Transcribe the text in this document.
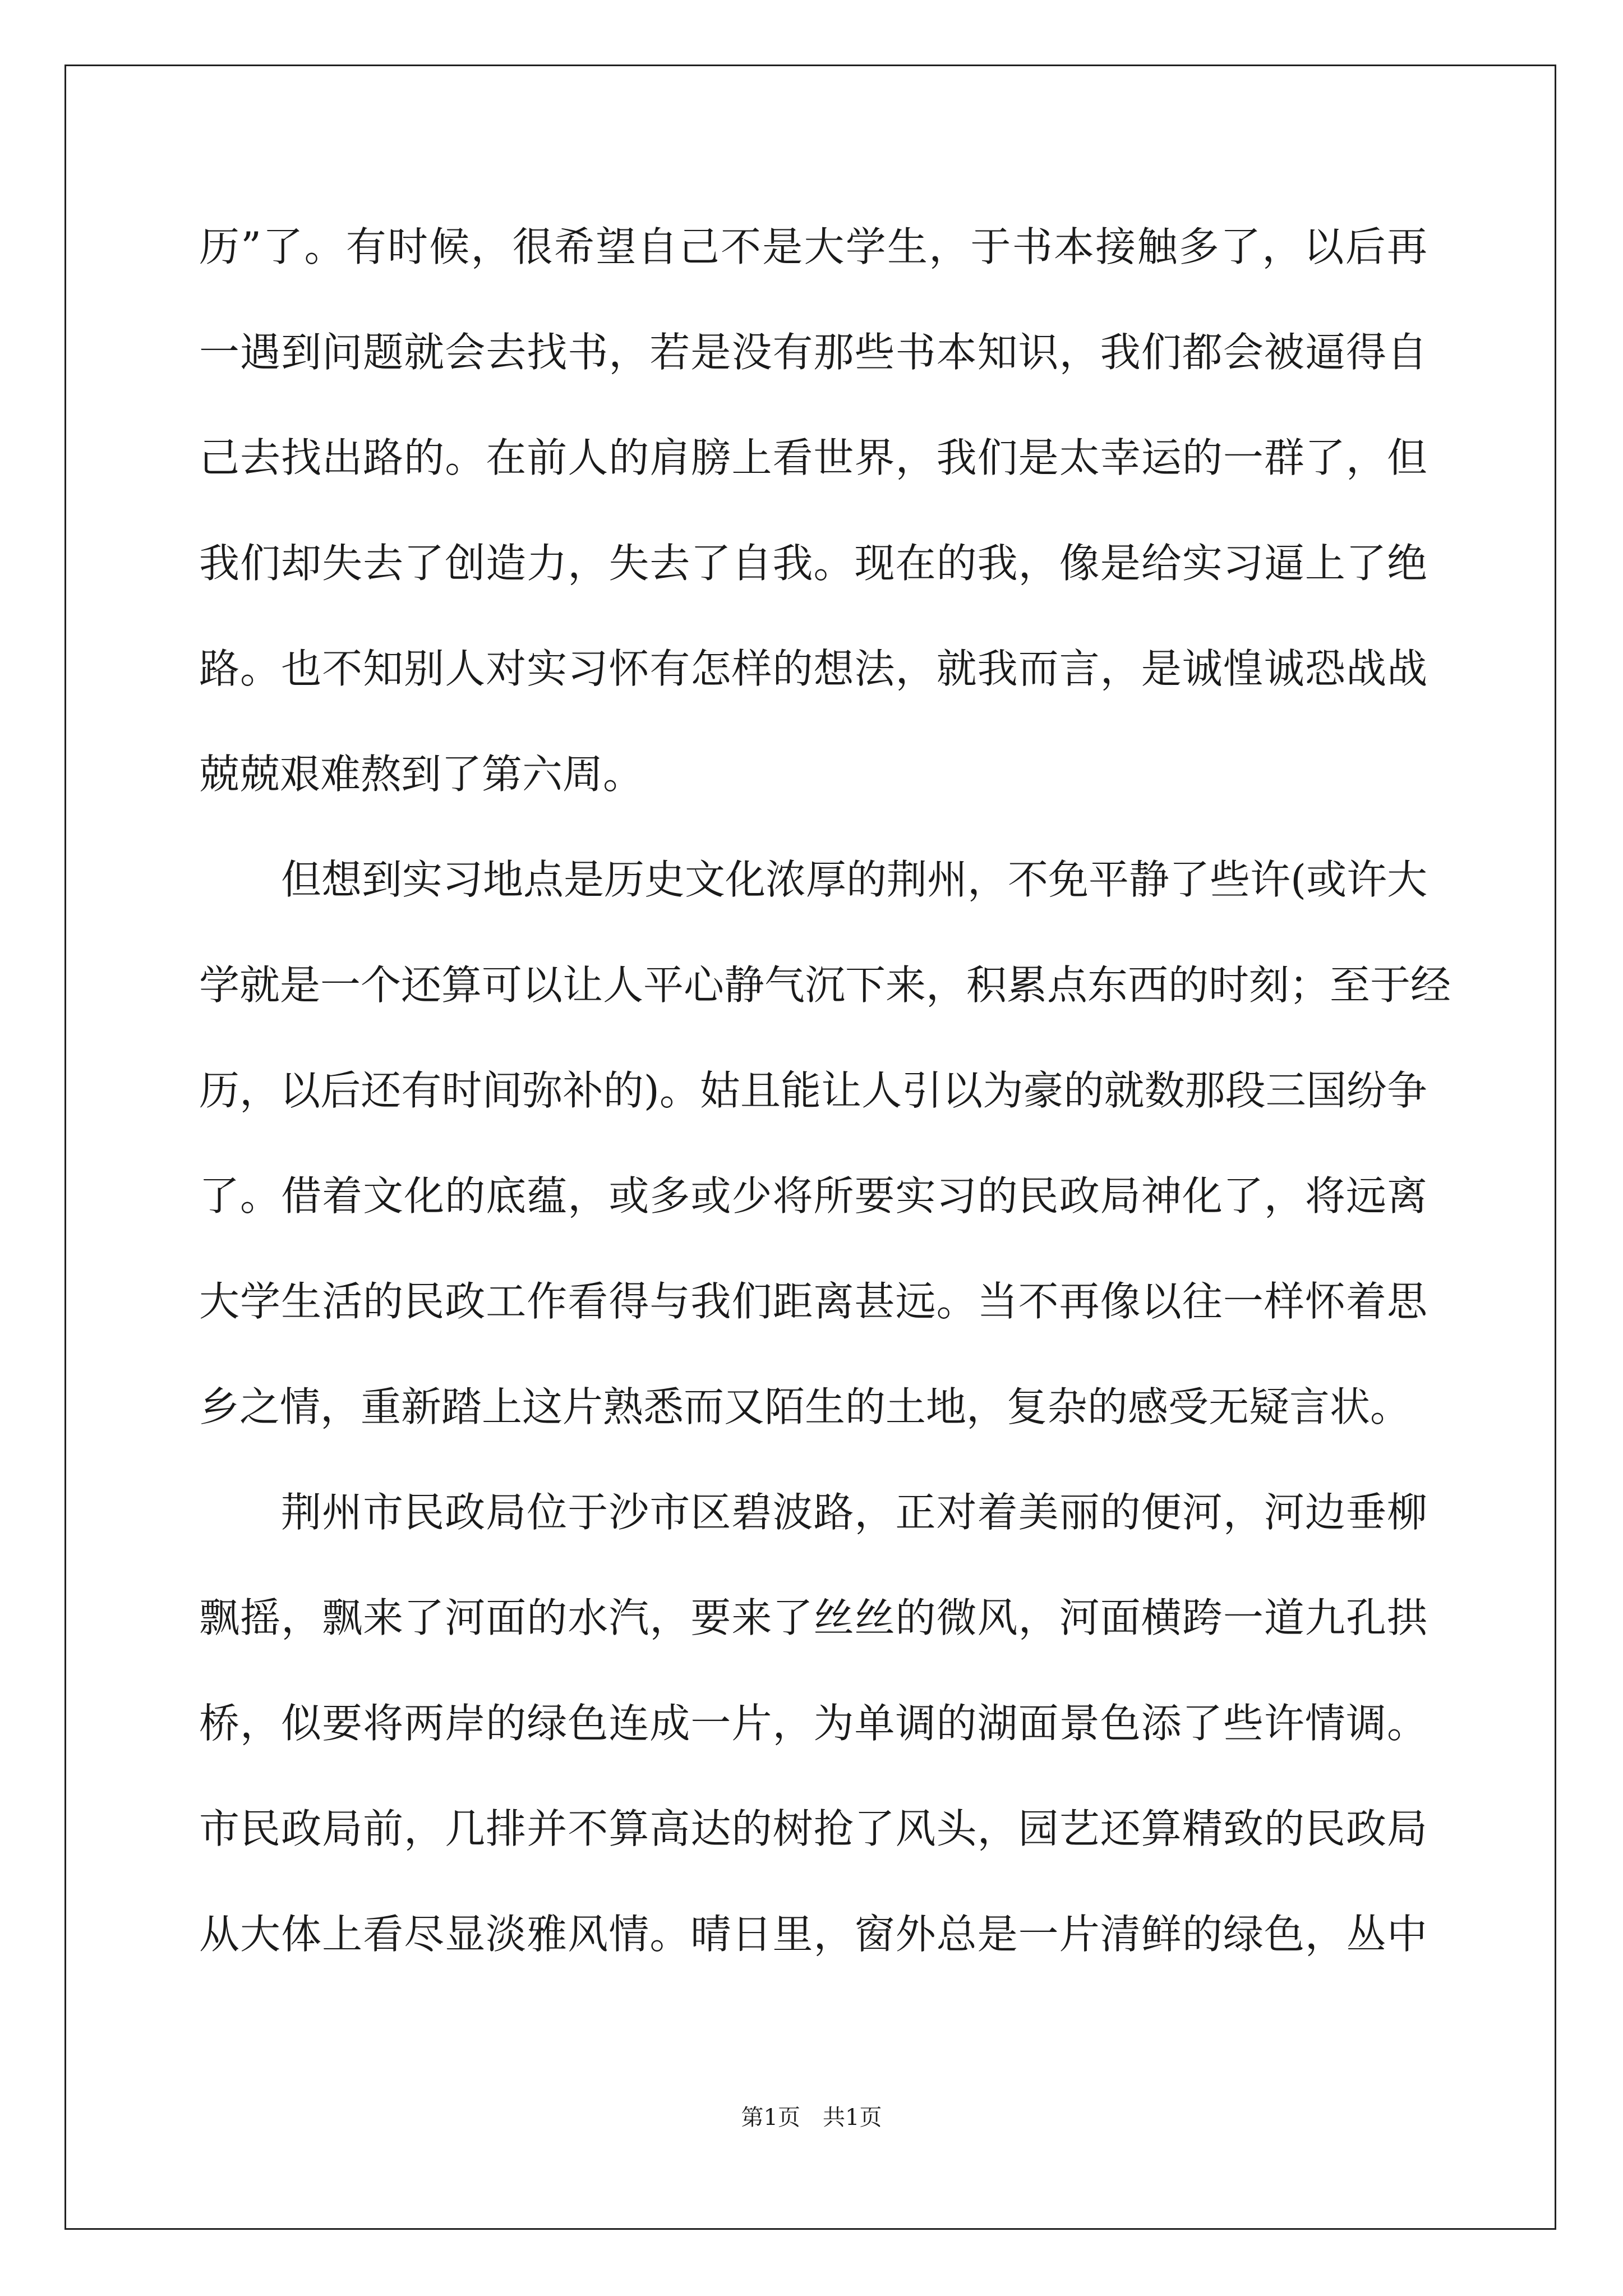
历”了。有时候，很希望自己不是大学生，于书本接触多了，以后再
一遇到问题就会去找书，若是没有那些书本知识，我们都会被逼得自
己去找出路的。在前人的肩膀上看世界，我们是太幸运的一群了，但
我们却失去了创造力，失去了自我。现在的我，像是给实习逼上了绝
路。也不知别人对实习怀有怎样的想法，就我而言，是诚惶诚恐战战
兢兢艰难熬到了第六周。
但想到实习地点是历史文化浓厚的荆州，不免平静了些许(或许大
学就是一个还算可以让人平心静气沉下来，积累点东西的时刻；至于经
历，以后还有时间弥补的)。姑且能让人引以为豪的就数那段三国纷争
了。借着文化的底蕴，或多或少将所要实习的民政局神化了，将远离
大学生活的民政工作看得与我们距离甚远。当不再像以往一样怀着思
乡之情，重新踏上这片熟悉而又陌生的土地，复杂的感受无疑言状。
荆州市民政局位于沙市区碧波路，正对着美丽的便河，河边垂柳
飘摇，飘来了河面的水汽，要来了丝丝的微风，河面横跨一道九孔拱
桥，似要将两岸的绿色连成一片，为单调的湖面景色添了些许情调。
市民政局前，几排并不算高达的树抢了风头，园艺还算精致的民政局
从大体上看尽显淡雅风情。晴日里，窗外总是一片清鲜的绿色，丛中
第1页 共1页
